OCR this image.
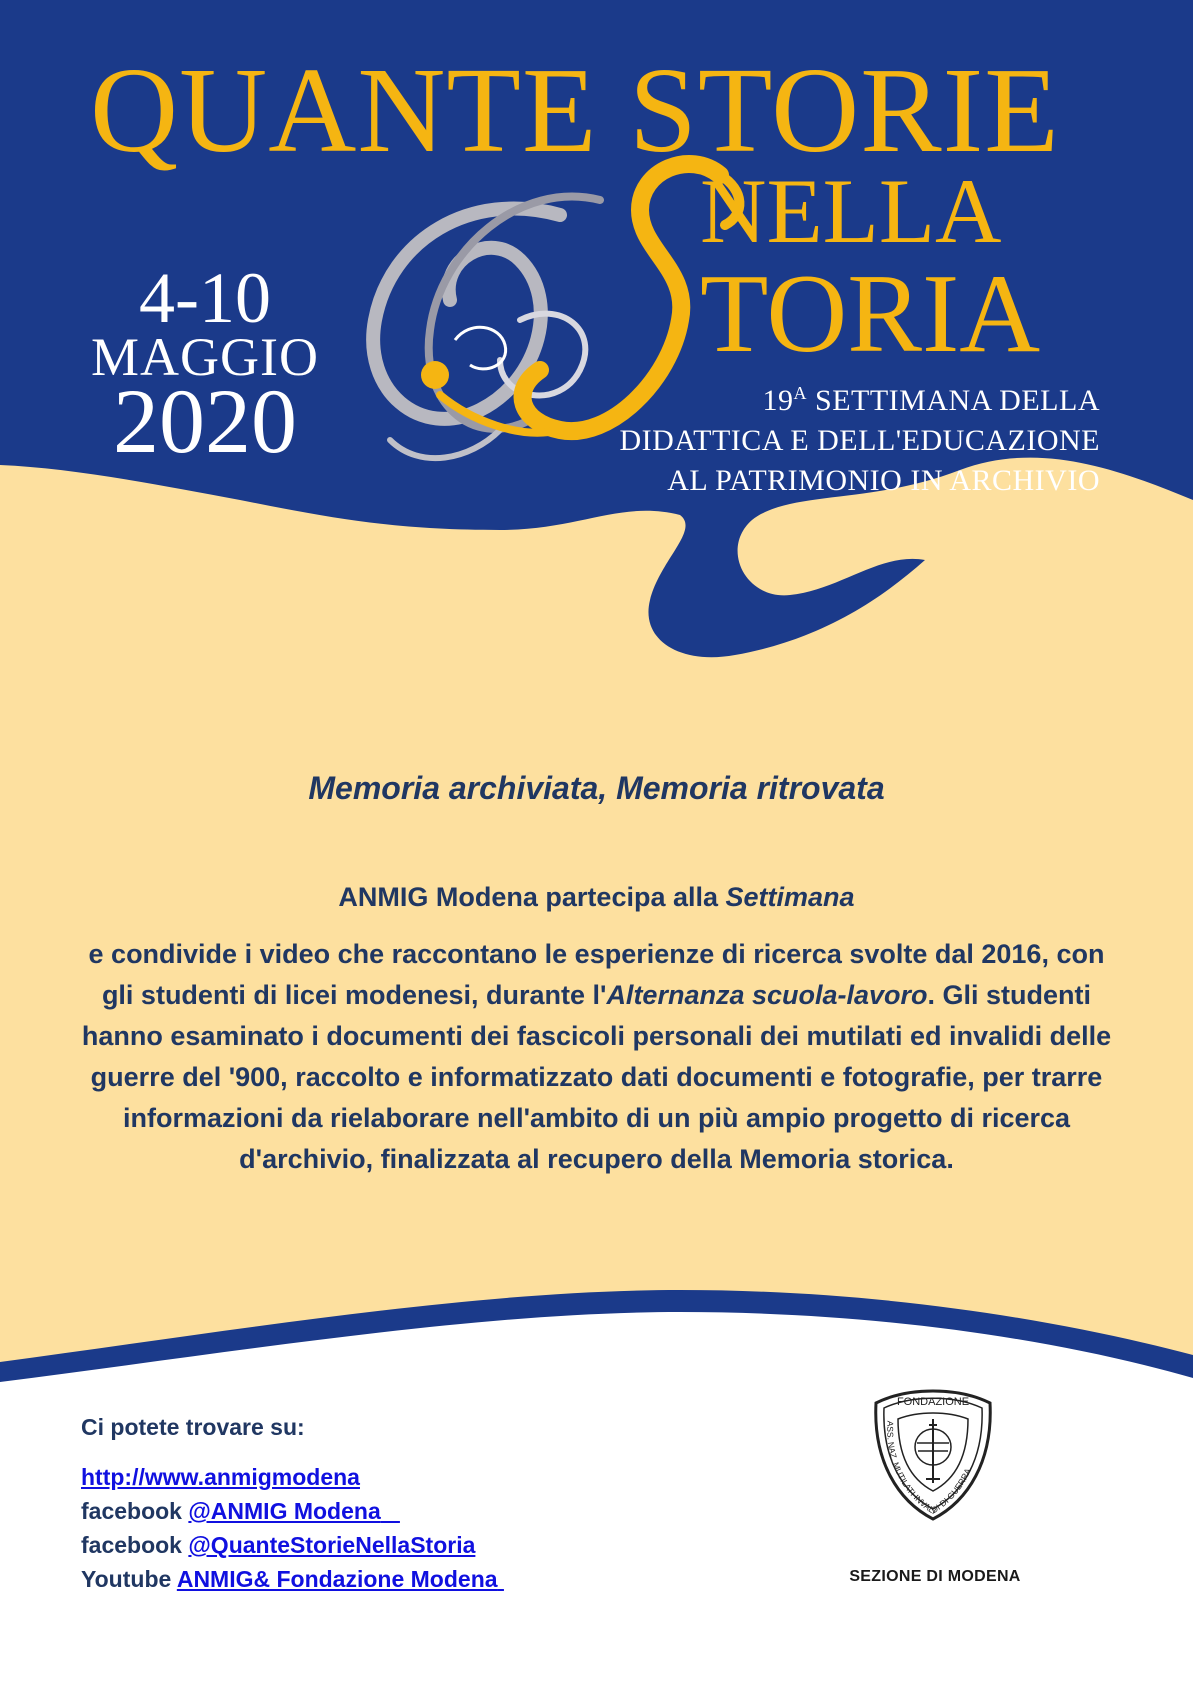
QUANTE STORIE
NELLA
TORIA
4-10
MAGGIO
2020	$19^A$ SETTIMANA DELLA
DIDATTICA E DELL'EDUCAZIONE
AL PATRIMONIO IN ARCHIVIO
Memoria archiviata, Memoria ritrovata
ANMIG Modena partecipa alla Settimana
e condivide i video che raccontano le esperienze di ricerca svolte dal 2016, con gli studenti di licei modenesi, durante l'Alternanza scuola-lavoro. Gli studenti hanno esaminato i documenti dei fascicoli personali dei mutilati ed invalidi delle guerre del '900, raccolto e informatizzato dati documenti e fotografie, per trarre informazioni da rielaborare nell'ambito di un più ampio progetto di ricerca d'archivio, finalizzata al recupero della Memoria storica.
Ci potete trovare su:
http://www.anmigmodena
facebook @ANMIG Modena
facebook @QuanteStorieNellaStoria
Youtube ANMIG& Fondazione Modena
FONDAZIONE
ASS. NAZ. MUTILATI INVALIDI DI GUERRA
SEZIONE DI MODENA
